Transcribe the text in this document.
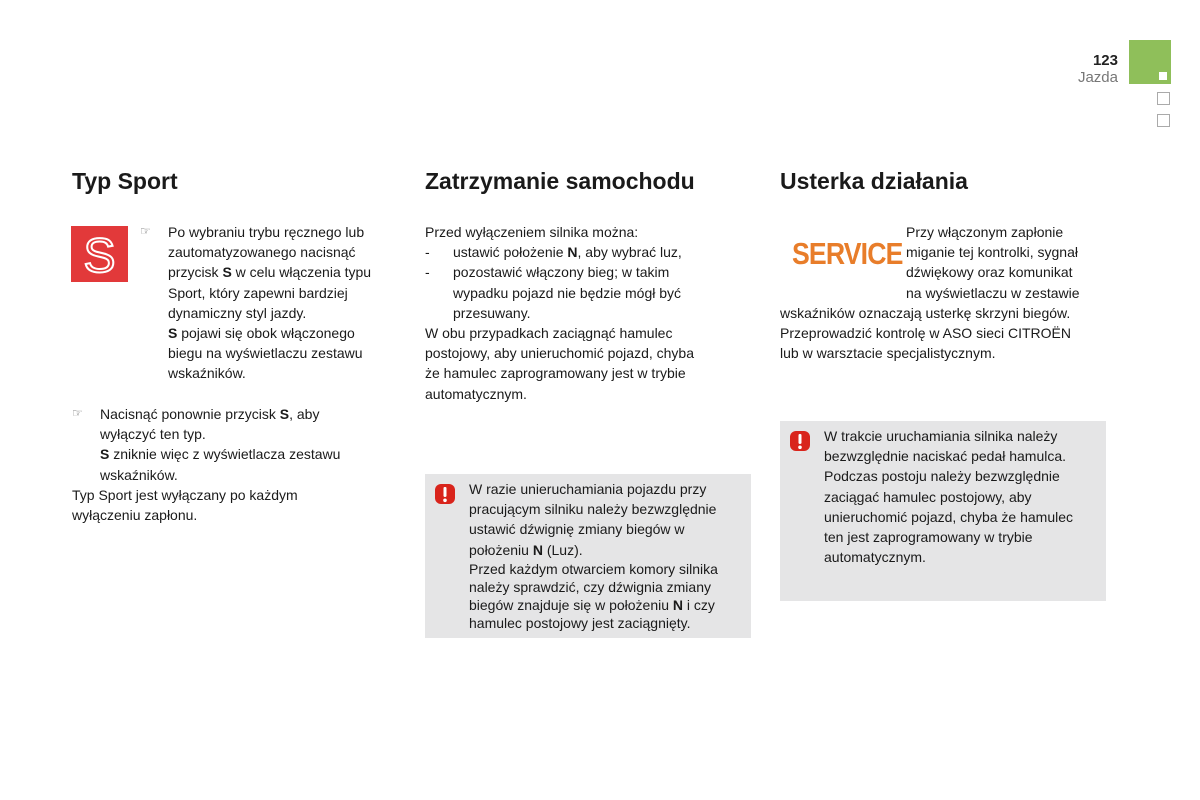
123
Jazda
Typ Sport
S ☞ Po wybraniu trybu ręcznego lub

zautomatyzowanego nacisnąć

przycisk S w celu włączenia typu

Sport, który zapewni bardziej

dynamiczny styl jazdy.

S pojawi się obok włączonego

biegu na wyświetlaczu zestawu

wskaźników.

☞ Nacisnąć ponownie przycisk S, aby

wyłączyć ten typ.

S zniknie więc z wyświetlacza zestawu

wskaźników.

Typ Sport jest wyłączany po każdym

wyłączeniu zapłonu.

Zatrzymanie samochodu

Przed wyłączeniem silnika można:

- ustawić położenie N, aby wybrać luz,

- pozostawić włączony bieg; w takim

wypadku pojazd nie będzie mógł być

przesuwany.

W obu przypadkach zaciągnąć hamulec

postojowy, aby unieruchomić pojazd, chyba

że hamulec zaprogramowany jest w trybie

automatycznym.

W razie unieruchamiania pojazdu przy

pracującym silniku należy bezwzględnie

ustawić dźwignię zmiany biegów w

położeniu N (Luz).

Przed każdym otwarciem komory silnika

należy sprawdzić, czy dźwignia zmiany

biegów znajduje się w położeniu N i czy

hamulec postojowy jest zaciągnięty.

Usterka działania
SERVICE

Przy włączonym zapłonie

miganie tej kontrolki, sygnał

dźwiękowy oraz komunikat

na wyświetlaczu w zestawie

wskaźników oznaczają usterkę skrzyni biegów.

Przeprowadzić kontrolę w ASO sieci CITROËN

lub w warsztacie specjalistycznym.

W trakcie uruchamiania silnika należy

bezwzględnie naciskać pedał hamulca.

Podczas postoju należy bezwzględnie

zaciągać hamulec postojowy, aby

unieruchomić pojazd, chyba że hamulec

ten jest zaprogramowany w trybie

automatycznym.
